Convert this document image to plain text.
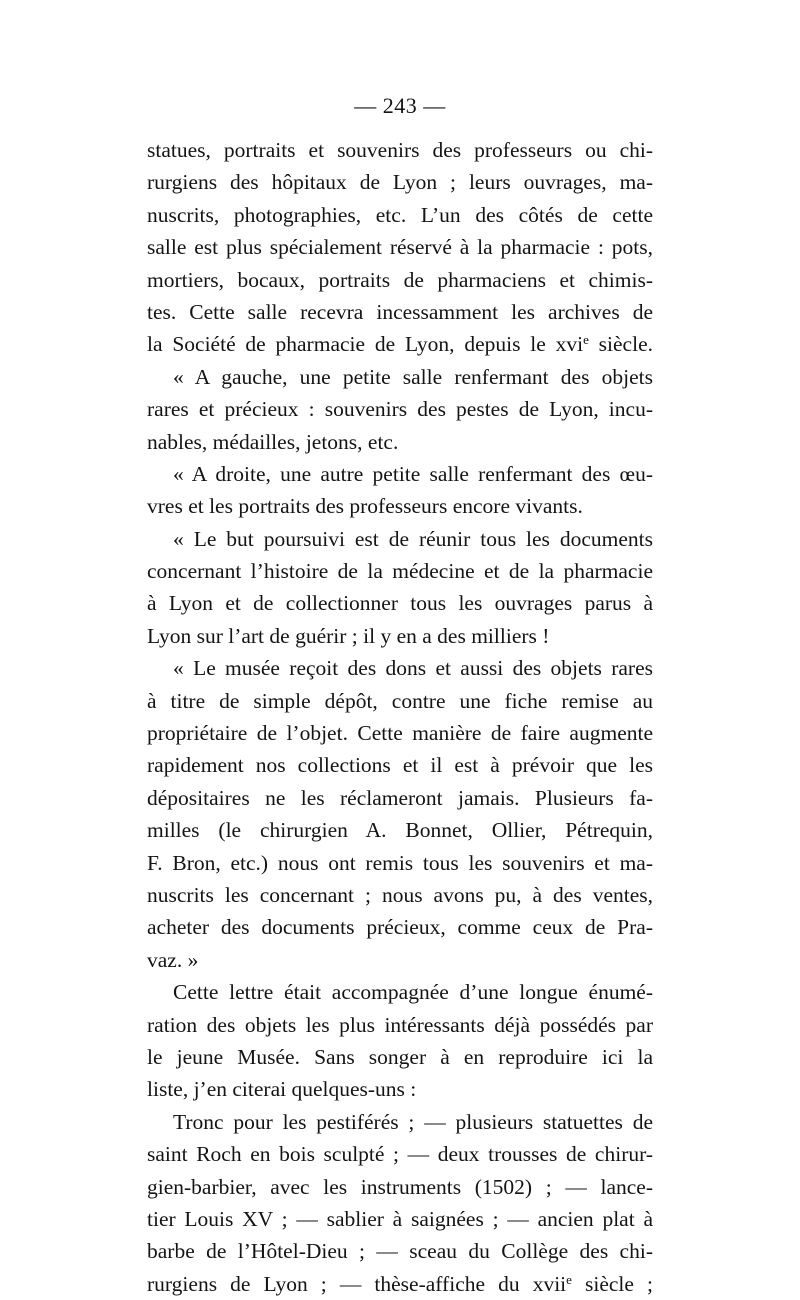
— 243 —
statues, portraits et souvenirs des professeurs ou chi-
rurgiens des hôpitaux de Lyon ; leurs ouvrages, ma-
nuscrits, photographies, etc. L’un des côtés de cette
salle est plus spécialement réservé à la pharmacie : pots,
mortiers, bocaux, portraits de pharmaciens et chimis-
tes. Cette salle recevra incessamment les archives de
la Société de pharmacie de Lyon, depuis le xvi$^e$ siècle.
« A gauche, une petite salle renfermant des objets
rares et précieux : souvenirs des pestes de Lyon, incu-
nables, médailles, jetons, etc.
« A droite, une autre petite salle renfermant des œu-
vres et les portraits des professeurs encore vivants.
« Le but poursuivi est de réunir tous les documents
concernant l’histoire de la médecine et de la pharmacie
à Lyon et de collectionner tous les ouvrages parus à
Lyon sur l’art de guérir ; il y en a des milliers !
« Le musée reçoit des dons et aussi des objets rares
à titre de simple dépôt, contre une fiche remise au
propriétaire de l’objet. Cette manière de faire augmente
rapidement nos collections et il est à prévoir que les
dépositaires ne les réclameront jamais. Plusieurs fa-
milles (le chirurgien A. Bonnet, Ollier, Pétrequin,
F. Bron, etc.) nous ont remis tous les souvenirs et ma-
nuscrits les concernant ; nous avons pu, à des ventes,
acheter des documents précieux, comme ceux de Pra-
vaz. »
Cette lettre était accompagnée d’une longue énumé-
ration des objets les plus intéressants déjà possédés par
le jeune Musée. Sans songer à en reproduire ici la
liste, j’en citerai quelques-uns :
Tronc pour les pestiférés ; — plusieurs statuettes de
saint Roch en bois sculpté ; — deux trousses de chirur-
gien-barbier, avec les instruments (1502) ; — lance-
tier Louis XV ; — sablier à saignées ; — ancien plat à
barbe de l’Hôtel-Dieu ; — sceau du Collège des chi-
rurgiens de Lyon ; — thèse-affiche du xvii$^e$ siècle ;
